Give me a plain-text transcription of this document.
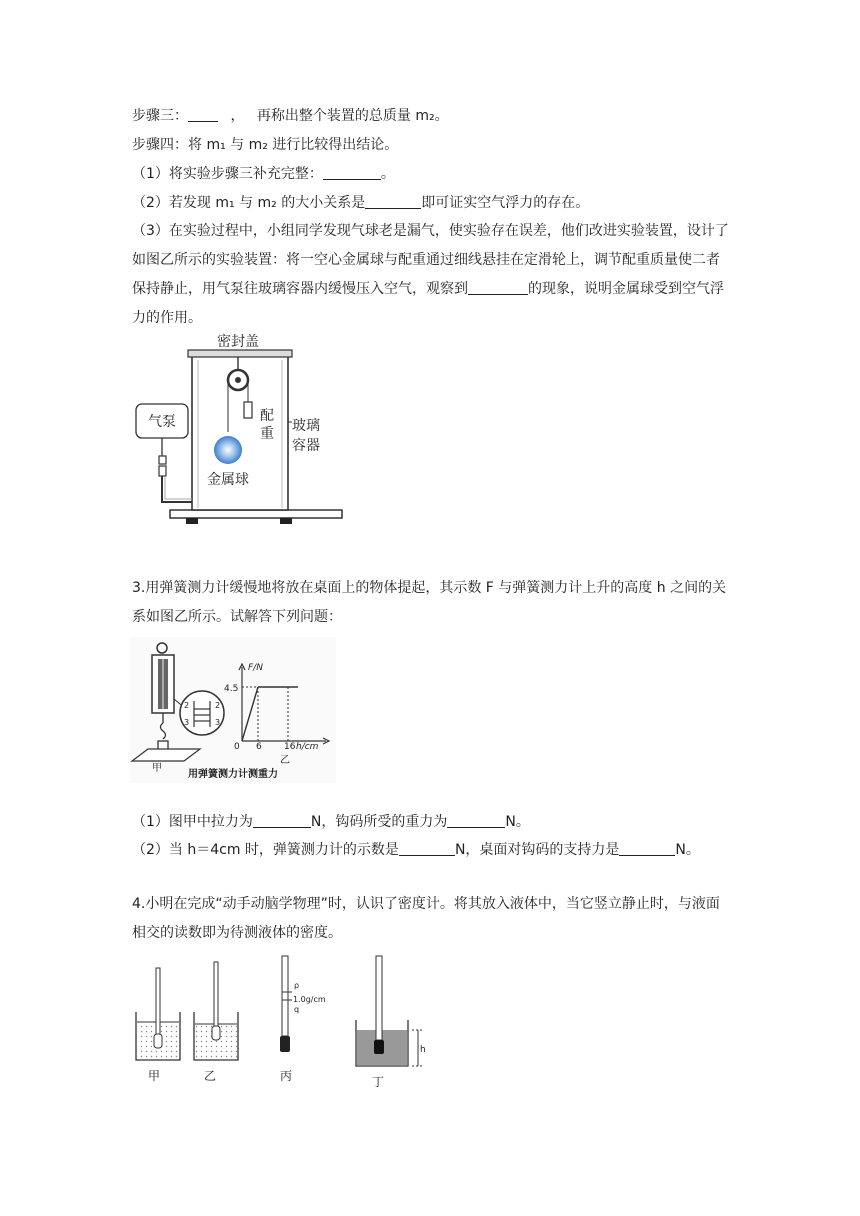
步骤三：	， 再称出整个装置的总质量 m₂。
步骤四：将 m₁ 与 m₂ 进行比较得出结论。
（1）将实验步骤三补充完整：	。
（2）若发现 m₁ 与 m₂ 的大小关系是	即可证实空气浮力的存在。
（3）在实验过程中，小组同学发现气球老是漏气，使实验存在误差，他们改进实验装置，设计了如图乙所示的实验装置：将一空心金属球与配重通过细线悬挂在定滑轮上，调节配重质量使二者保持静止，用气泵往玻璃容器内缓慢压入空气，观察到	的现象，说明金属球受到空气浮力的作用。
密封盖
配
重
金属球
玻璃
容器
气泵
3.用弹簧测力计缓慢地将放在桌面上的物体提起，其示数 F 与弹簧测力计上升的高度 h 之间的关系如图乙所示。试解答下列问题：
2	2
3	3
甲
F/N
4.5
0 6 16 h/cm
乙
用弹簧测力计测重力
（1）图甲中拉力为	N，钩码所受的重力为	N。
（2）当 h＝4cm 时，弹簧测力计的示数是	N，桌面对钩码的支持力是	N。
4.小明在完成“动手动脑学物理”时，认识了密度计。将其放入液体中，当它竖立静止时，与液面相交的读数即为待测液体的密度。
甲	乙
ρ
1.0g/cm
q
丙
h
丁
